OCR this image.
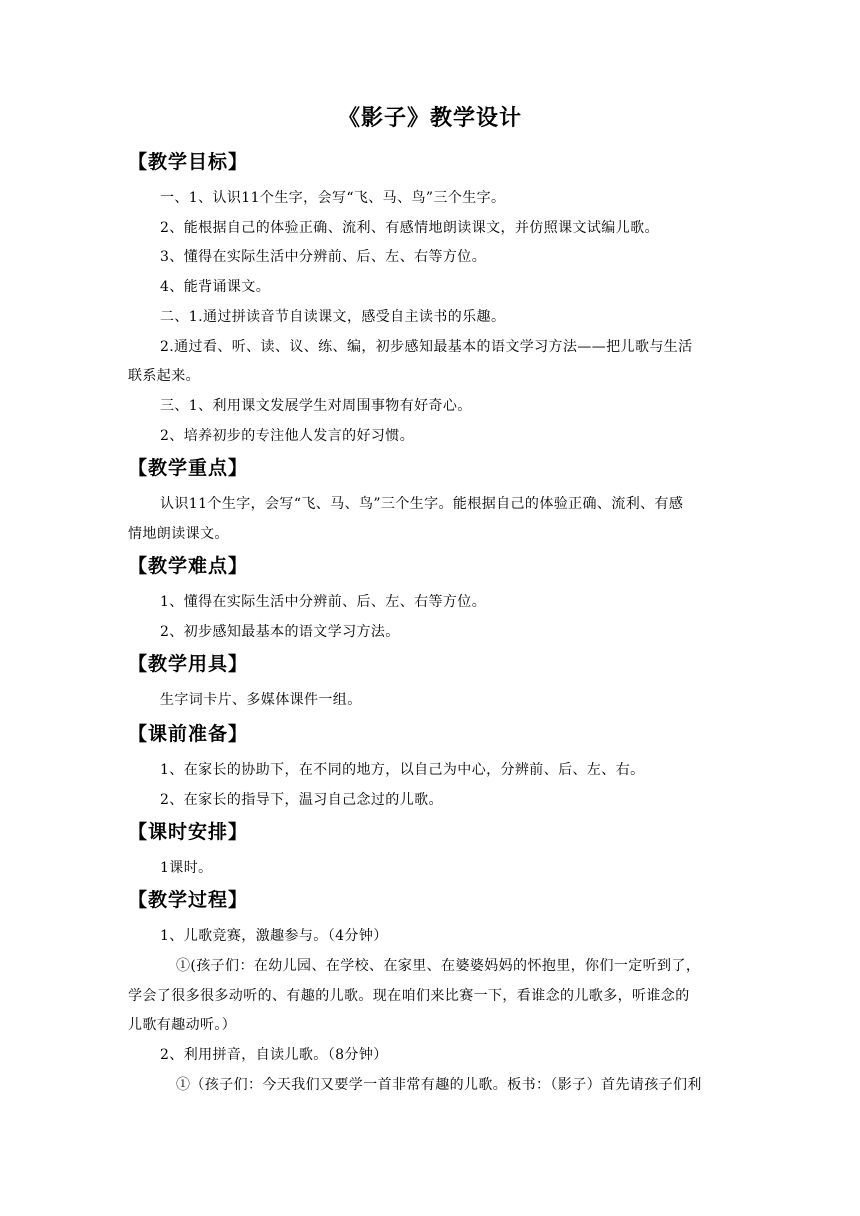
《影子》教学设计
【教学目标】
一、1、认识11个生字，会写“飞、马、鸟”三个生字。
2、能根据自己的体验正确、流利、有感情地朗读课文，并仿照课文试编儿歌。
3、懂得在实际生活中分辨前、后、左、右等方位。
4、能背诵课文。
二、1.通过拼读音节自读课文，感受自主读书的乐趣。
2.通过看、听、读、议、练、编，初步感知最基本的语文学习方法——把儿歌与生活
联系起来。
三、1、利用课文发展学生对周围事物有好奇心。
2、培养初步的专注他人发言的好习惯。
【教学重点】
认识11个生字，会写“飞、马、鸟”三个生字。能根据自己的体验正确、流利、有感
情地朗读课文。
【教学难点】
1、懂得在实际生活中分辨前、后、左、右等方位。
2、初步感知最基本的语文学习方法。
【教学用具】
生字词卡片、多媒体课件一组。
【课前准备】
1、在家长的协助下，在不同的地方，以自己为中心，分辨前、后、左、右。
2、在家长的指导下，温习自己念过的儿歌。
【课时安排】
1课时。
【教学过程】
1、儿歌竞赛，激趣参与。（4分钟）
①(孩子们：在幼儿园、在学校、在家里、在婆婆妈妈的怀抱里，你们一定听到了，
学会了很多很多动听的、有趣的儿歌。现在咱们来比赛一下，看谁念的儿歌多，听谁念的
儿歌有趣动听。）
2、利用拼音，自读儿歌。（8分钟）
①（孩子们：今天我们又要学一首非常有趣的儿歌。板书：（影子）首先请孩子们利
